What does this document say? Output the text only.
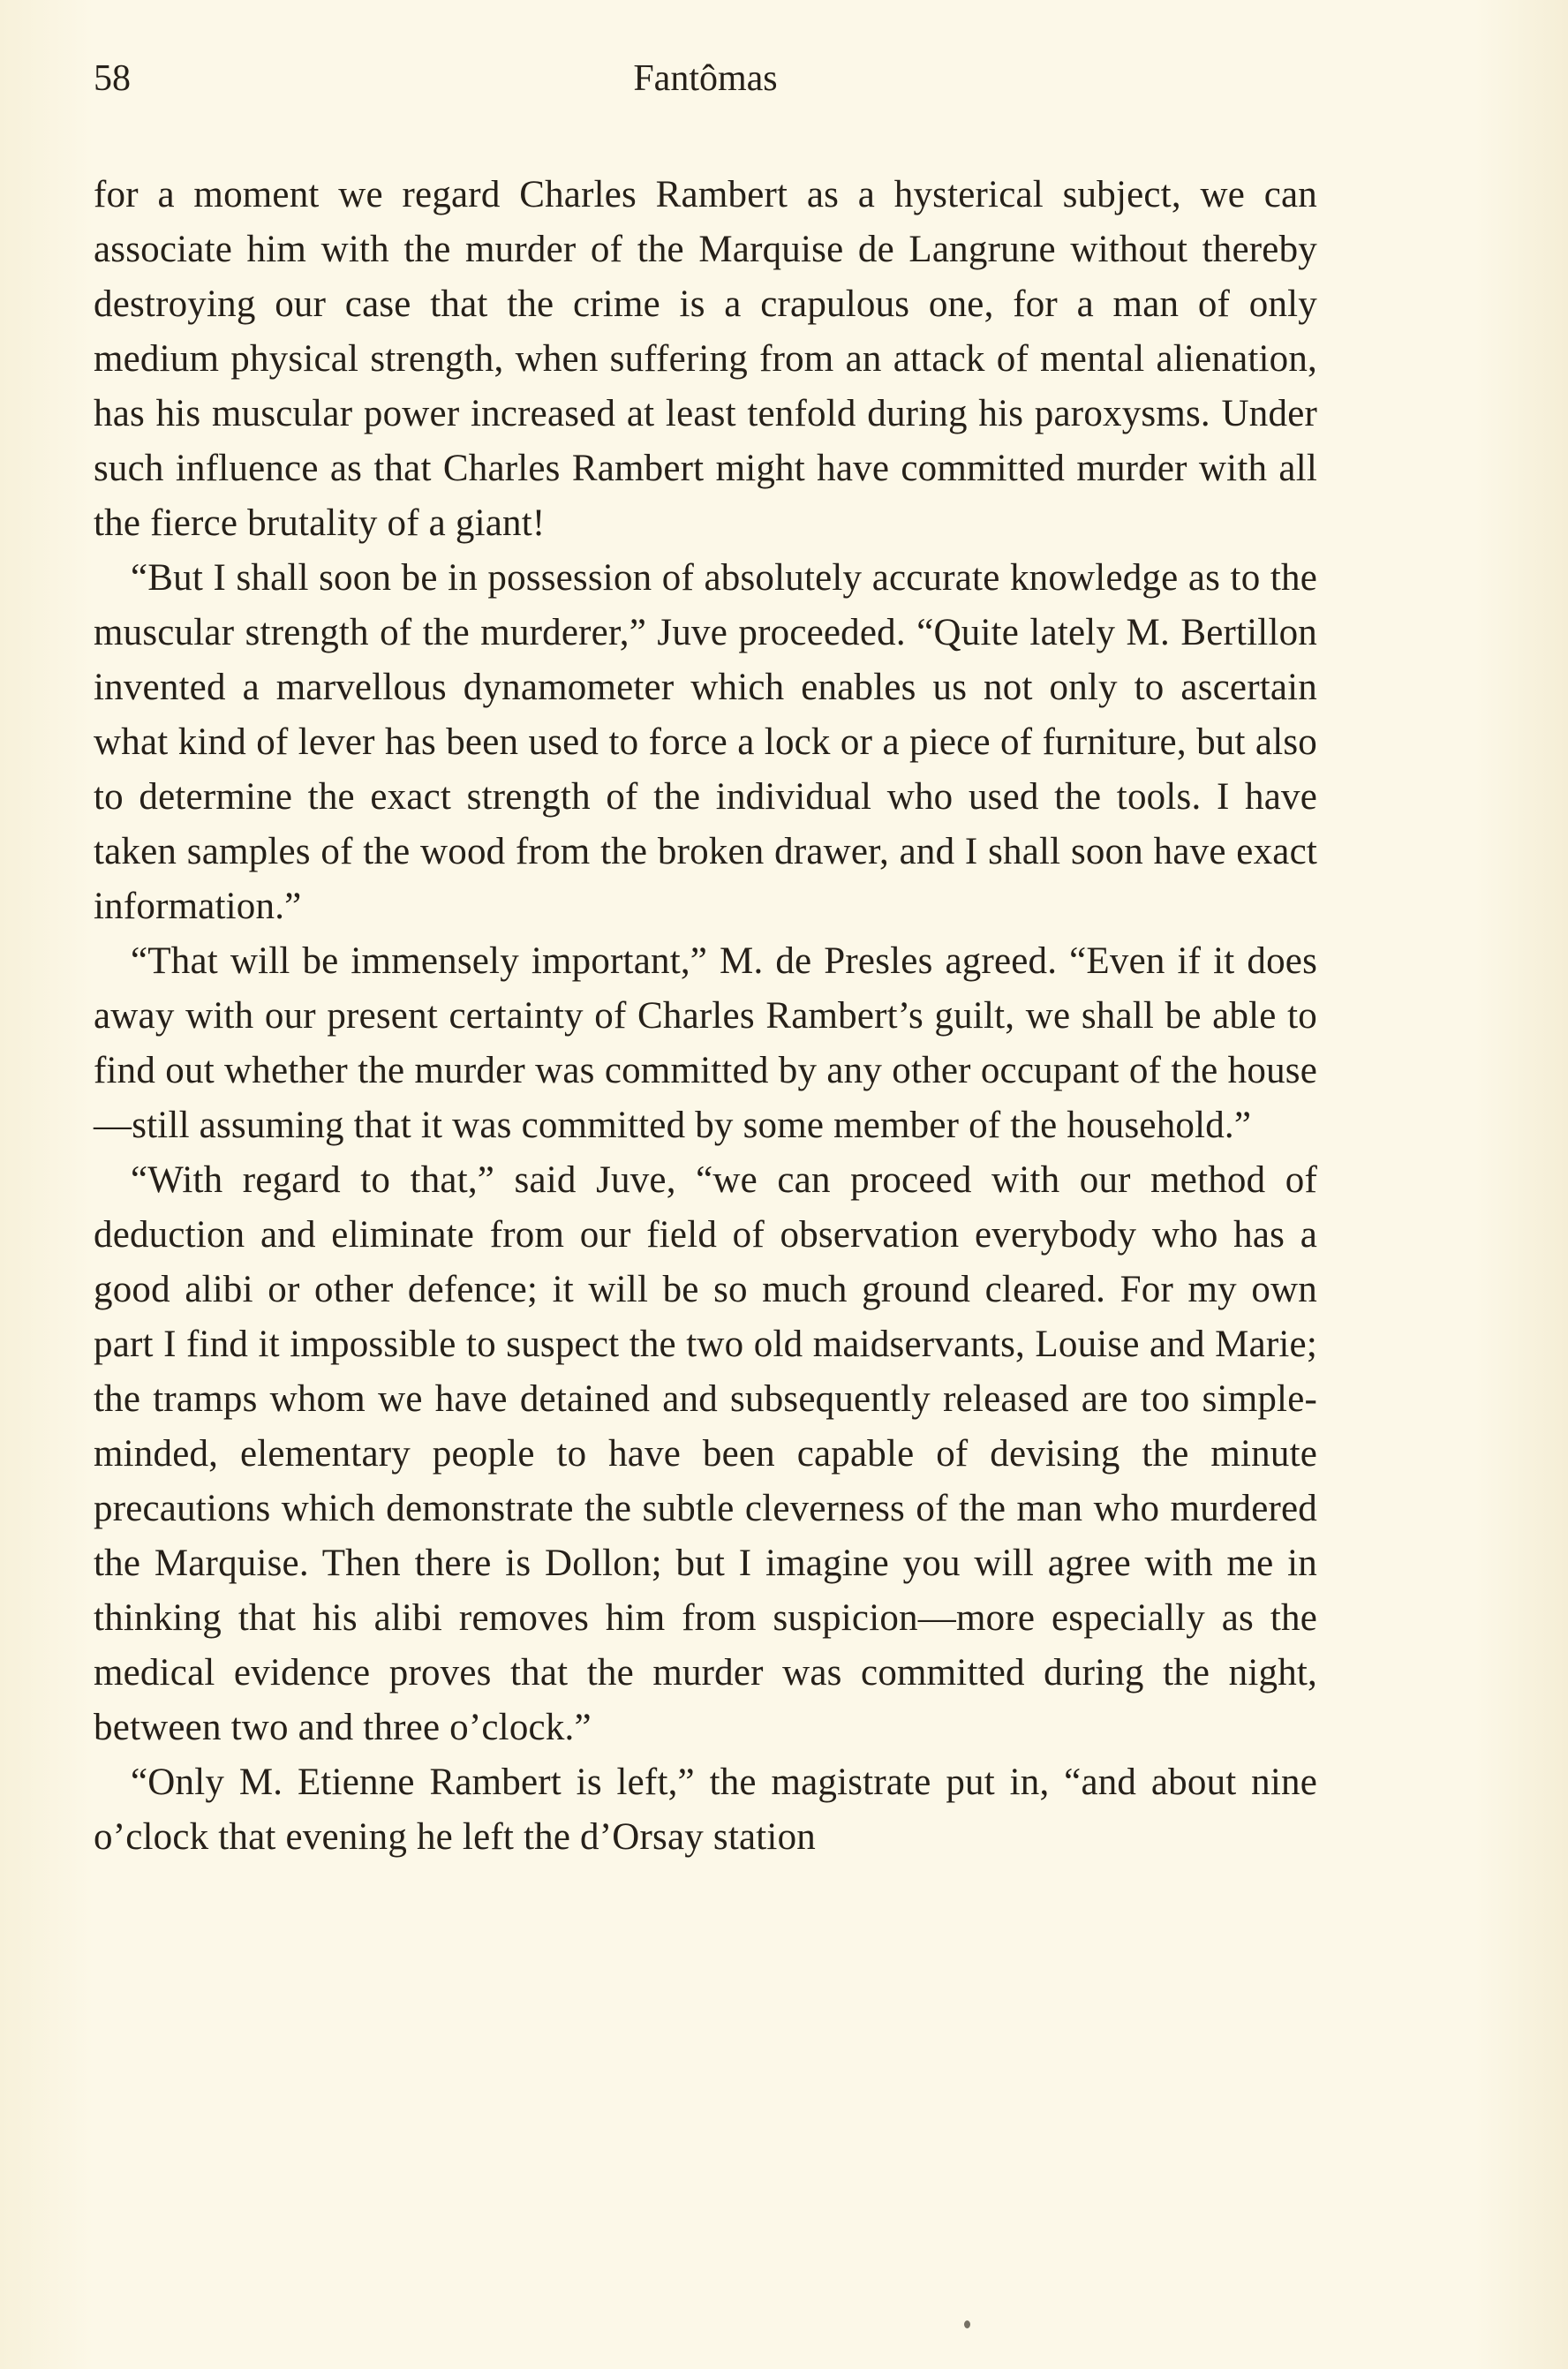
58	Fantômas

for a moment we regard Charles Rambert as a hysterical subject, we can associate him with the murder of the Marquise de Langrune without thereby destroying our case that the crime is a crapulous one, for a man of only medium physical strength, when suffering from an attack of mental alienation, has his muscular power increased at least tenfold during his paroxysms. Under such influence as that Charles Rambert might have committed murder with all the fierce brutality of a giant!

“But I shall soon be in possession of absolutely accurate knowledge as to the muscular strength of the murderer,” Juve proceeded. “Quite lately M. Bertillon invented a marvellous dynamometer which enables us not only to ascertain what kind of lever has been used to force a lock or a piece of furniture, but also to determine the exact strength of the individual who used the tools. I have taken samples of the wood from the broken drawer, and I shall soon have exact information.”

“That will be immensely important,” M. de Presles agreed. “Even if it does away with our present certainty of Charles Rambert’s guilt, we shall be able to find out whether the murder was committed by any other occupant of the house—still assuming that it was committed by some member of the household.”

“With regard to that,” said Juve, “we can proceed with our method of deduction and eliminate from our field of observation everybody who has a good alibi or other defence; it will be so much ground cleared. For my own part I find it impossible to suspect the two old maidservants, Louise and Marie; the tramps whom we have detained and subsequently released are too simple-minded, elementary people to have been capable of devising the minute precautions which demonstrate the subtle cleverness of the man who murdered the Marquise. Then there is Dollon; but I imagine you will agree with me in thinking that his alibi removes him from suspicion—more especially as the medical evidence proves that the murder was committed during the night, between two and three o’clock.”

“Only M. Etienne Rambert is left,” the magistrate put in, “and about nine o’clock that evening he left the d’Orsay station
